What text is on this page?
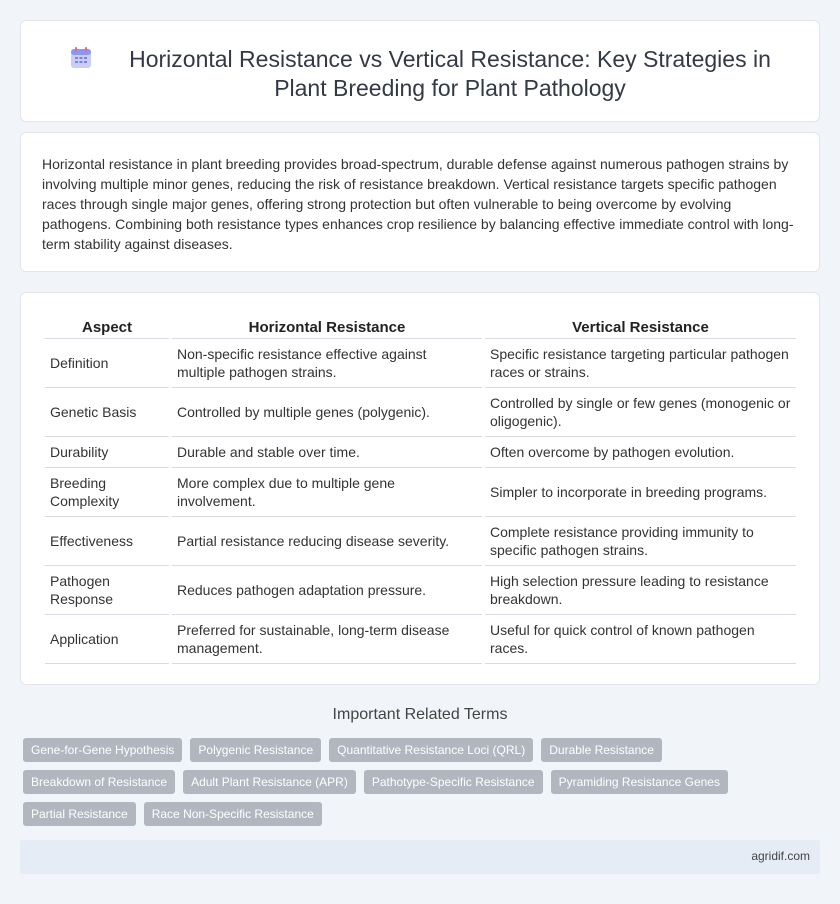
Horizontal Resistance vs Vertical Resistance: Key Strategies in Plant Breeding for Plant Pathology

Horizontal resistance in plant breeding provides broad-spectrum, durable defense against numerous pathogen strains by involving multiple minor genes, reducing the risk of resistance breakdown. Vertical resistance targets specific pathogen races through single major genes, offering strong protection but often vulnerable to being overcome by evolving pathogens. Combining both resistance types enhances crop resilience by balancing effective immediate control with long-term stability against diseases.

Aspect	Horizontal Resistance	Vertical Resistance
Definition	Non-specific resistance effective against multiple pathogen strains.	Specific resistance targeting particular pathogen races or strains.
Genetic Basis	Controlled by multiple genes (polygenic).	Controlled by single or few genes (monogenic or oligogenic).
Durability	Durable and stable over time.	Often overcome by pathogen evolution.
Breeding Complexity	More complex due to multiple gene involvement.	Simpler to incorporate in breeding programs.
Effectiveness	Partial resistance reducing disease severity.	Complete resistance providing immunity to specific pathogen strains.
Pathogen Response	Reduces pathogen adaptation pressure.	High selection pressure leading to resistance breakdown.
Application	Preferred for sustainable, long-term disease management.	Useful for quick control of known pathogen races.
Important Related Terms
Gene-for-Gene Hypothesis	Polygenic Resistance	Quantitative Resistance Loci (QRL)	Durable Resistance
Breakdown of Resistance	Adult Plant Resistance (APR)	Pathotype-Specific Resistance	Pyramiding Resistance Genes
Partial Resistance	Race Non-Specific Resistance
agridif.com
